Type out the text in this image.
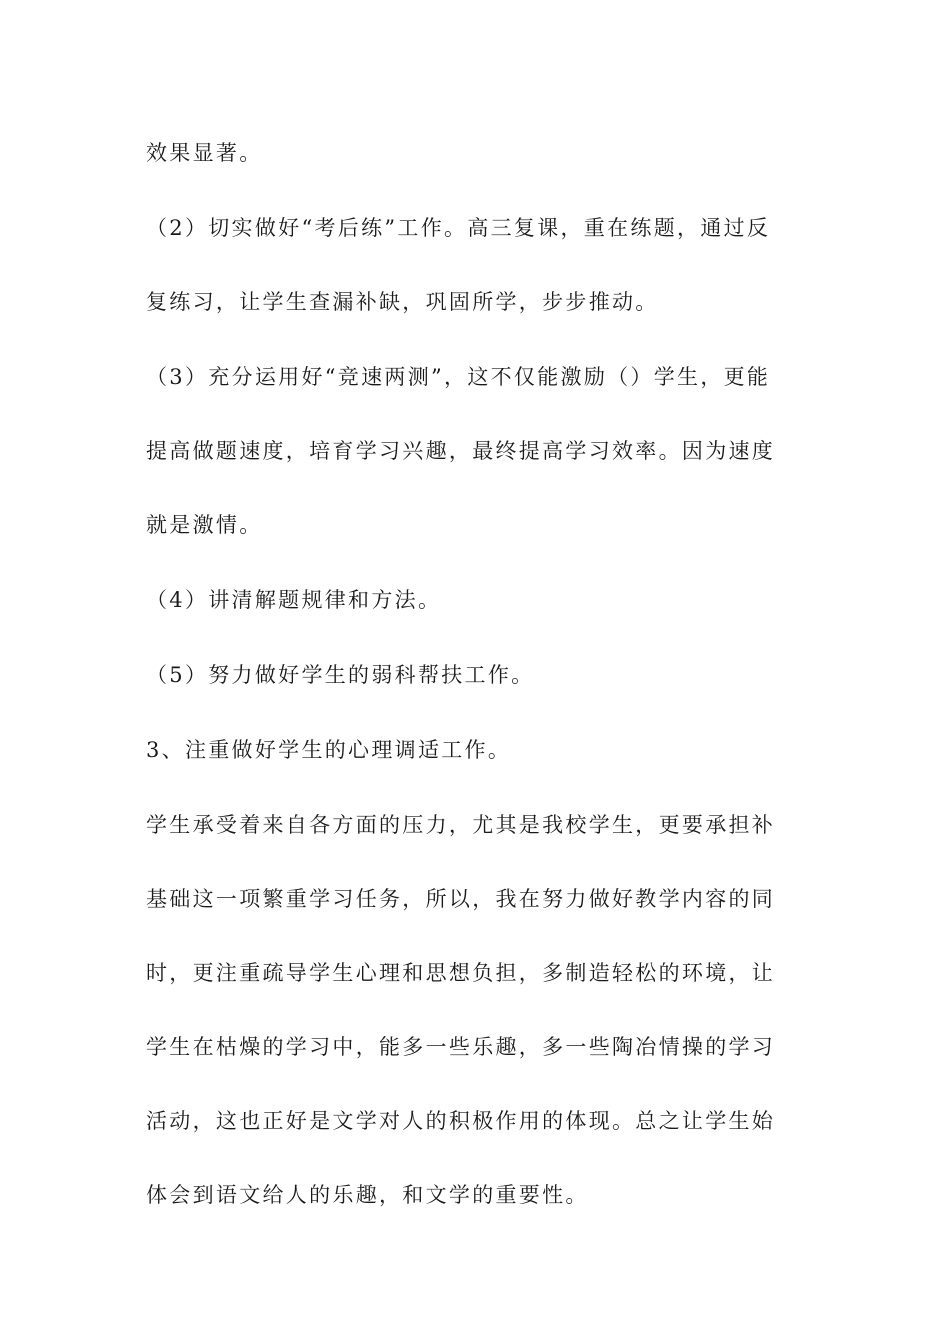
效果显著。

（2）切实做好“考后练”工作。高三复课，重在练题，通过反
复练习，让学生查漏补缺，巩固所学，步步推动。

（3）充分运用好“竞速两测”，这不仅能激励（）学生，更能
提高做题速度，培育学习兴趣，最终提高学习效率。因为速度
就是激情。

（4）讲清解题规律和方法。

（5）努力做好学生的弱科帮扶工作。

3、注重做好学生的心理调适工作。

学生承受着来自各方面的压力，尤其是我校学生，更要承担补
基础这一项繁重学习任务，所以，我在努力做好教学内容的同
时，更注重疏导学生心理和思想负担，多制造轻松的环境，让
学生在枯燥的学习中，能多一些乐趣，多一些陶冶情操的学习
活动，这也正好是文学对人的积极作用的体现。总之让学生始
体会到语文给人的乐趣，和文学的重要性。
